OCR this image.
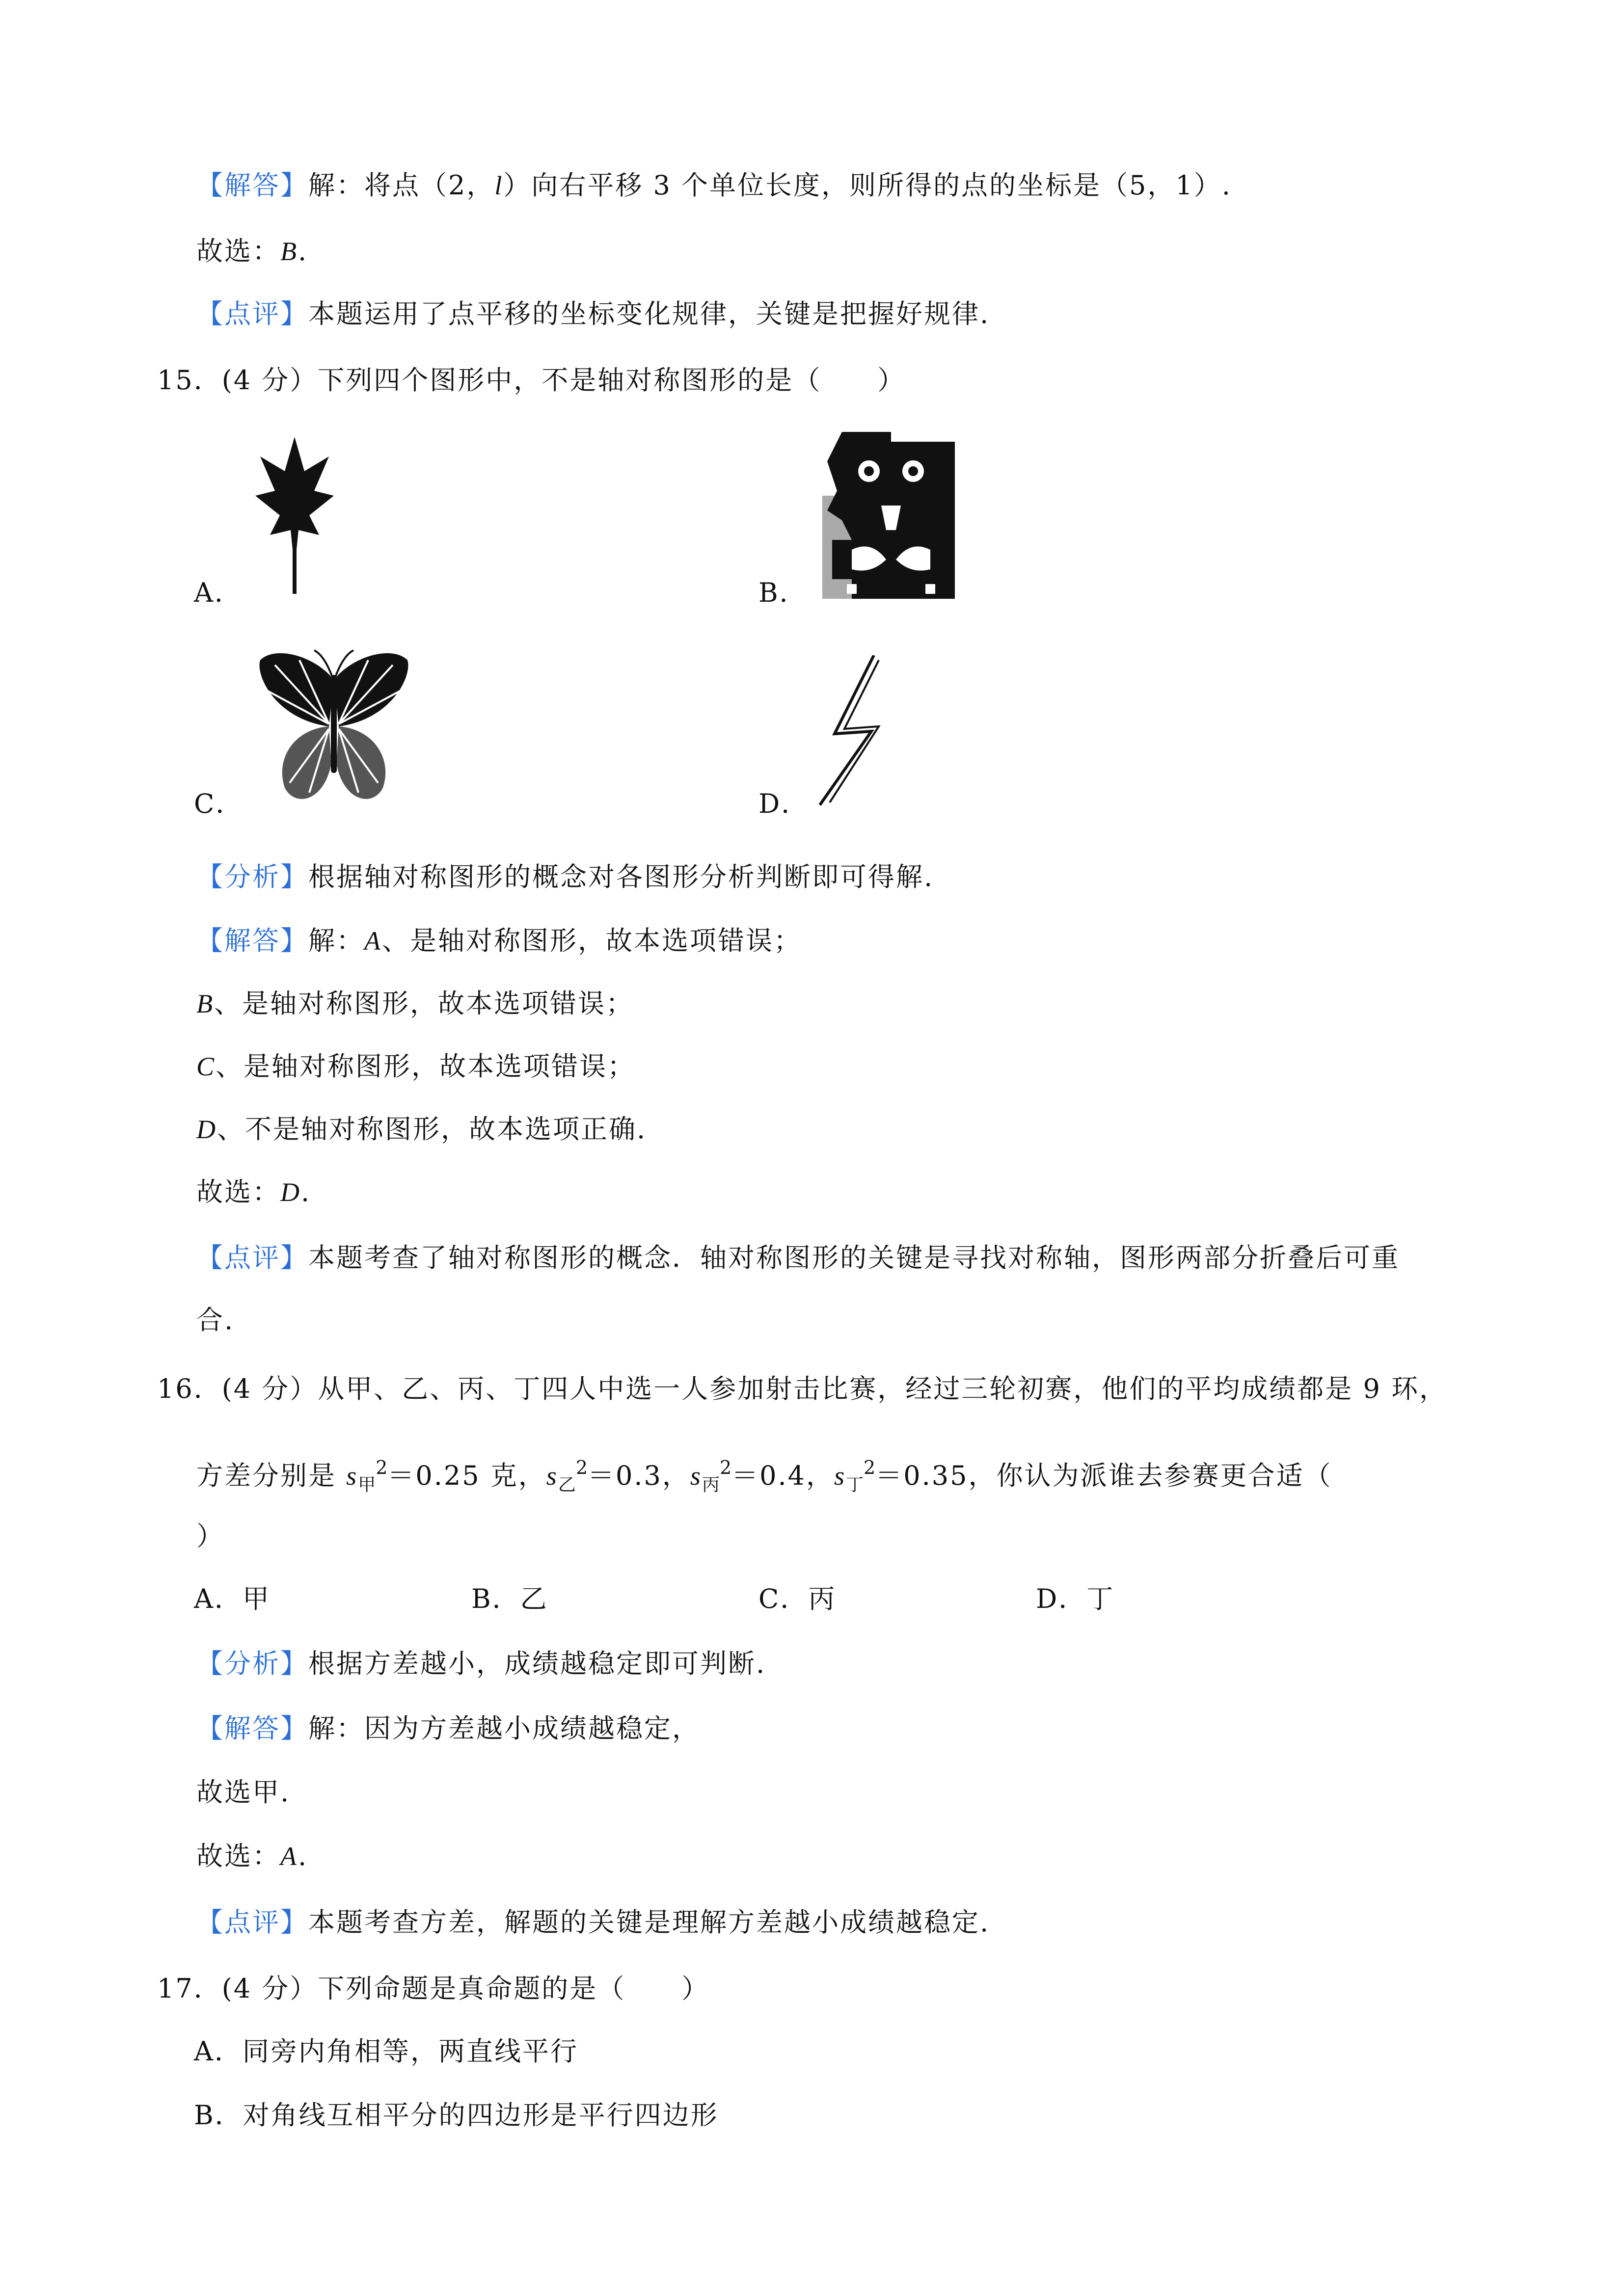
【解答】解：将点（2，l）向右平移 3 个单位长度，则所得的点的坐标是（5，1）.
故选：B.
【点评】本题运用了点平移的坐标变化规律，关键是把握好规律.
15．(4 分）下列四个图形中，不是轴对称图形的是（　　）
A．	B．
C．	D．
【分析】根据轴对称图形的概念对各图形分析判断即可得解.
【解答】解：A、是轴对称图形，故本选项错误；
B、是轴对称图形，故本选项错误；
C、是轴对称图形，故本选项错误；
D、不是轴对称图形，故本选项正确.
故选：D.
【点评】本题考查了轴对称图形的概念．轴对称图形的关键是寻找对称轴，图形两部分折叠后可重
合.
16．(4 分）从甲、乙、丙、丁四人中选一人参加射击比赛，经过三轮初赛，他们的平均成绩都是 9 环，
方差分别是 $s_甲^2=0.25$ 克，$s_乙^2=0.3$，$s_丙^2=0.4$，$s_丁^2=0.35$，你认为派谁去参赛更合适（
）
A．甲	B．乙	C．丙	D．丁
【分析】根据方差越小，成绩越稳定即可判断.
【解答】解：因为方差越小成绩越稳定，
故选甲.
故选：A.
【点评】本题考查方差，解题的关键是理解方差越小成绩越稳定.
17．(4 分）下列命题是真命题的是（　　）
A．同旁内角相等，两直线平行
B．对角线互相平分的四边形是平行四边形
